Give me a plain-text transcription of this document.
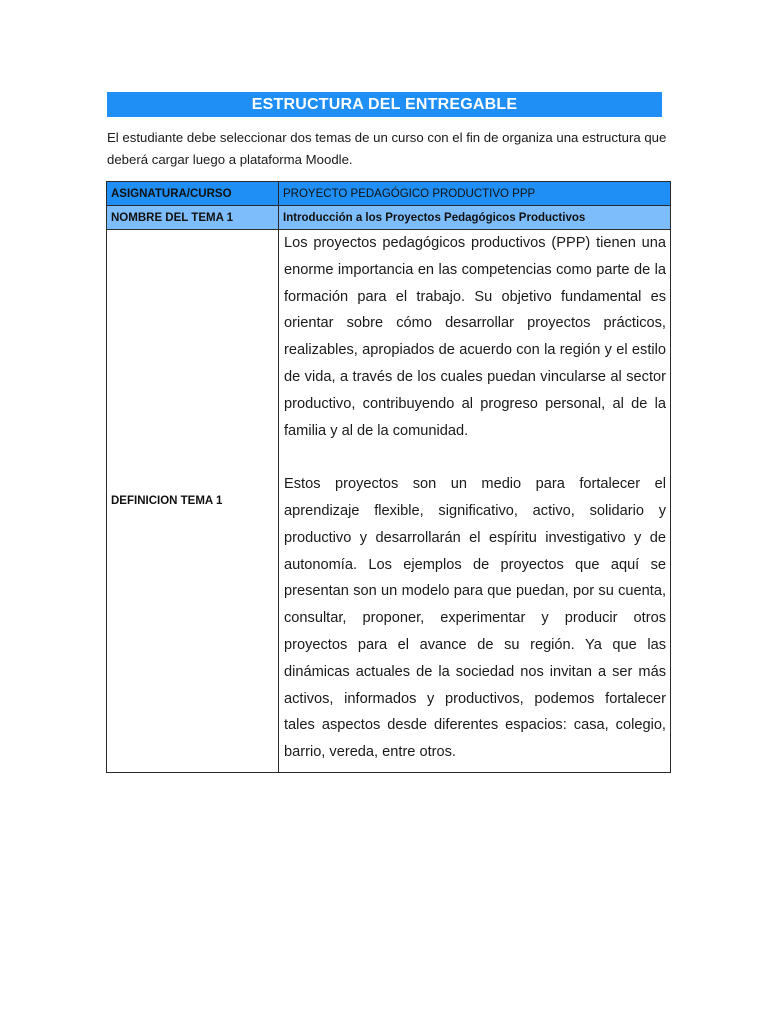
ESTRUCTURA DEL ENTREGABLE
El estudiante debe seleccionar dos temas de un curso con el fin de organiza una estructura que deberá cargar luego a plataforma Moodle.
ASIGNATURA/CURSO	PROYECTO PEDAGÓGICO PRODUCTIVO PPP
NOMBRE DEL TEMA 1	Introducción a los Proyectos Pedagógicos Productivos
DEFINICION TEMA 1	Los proyectos pedagógicos productivos (PPP) tienen una enorme importancia en las competencias como parte de la formación para el trabajo. Su objetivo fundamental es orientar sobre cómo desarrollar proyectos prácticos, realizables, apropiados de acuerdo con la región y el estilo de vida, a través de los cuales puedan vincularse al sector productivo, contribuyendo al progreso personal, al de la familia y al de la comunidad.

Estos proyectos son un medio para fortalecer el aprendizaje flexible, significativo, activo, solidario y productivo y desarrollarán el espíritu investigativo y de autonomía. Los ejemplos de proyectos que aquí se presentan son un modelo para que puedan, por su cuenta, consultar, proponer, experimentar y producir otros proyectos para el avance de su región. Ya que las dinámicas actuales de la sociedad nos invitan a ser más activos, informados y productivos, podemos fortalecer tales aspectos desde diferentes espacios: casa, colegio, barrio, vereda, entre otros.
